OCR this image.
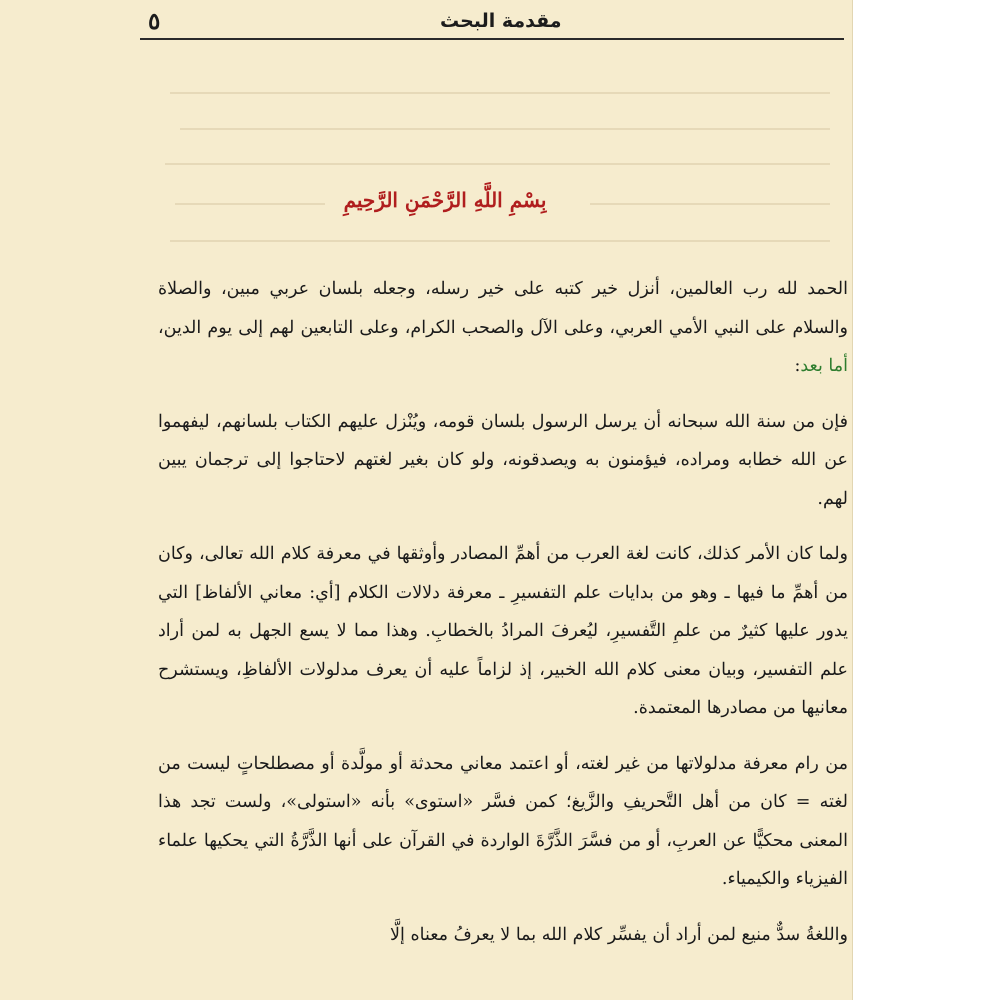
٥	مقدمة البحث
بِسْمِ اللَّهِ الرَّحْمَنِ الرَّحِيمِ

الحمد لله رب العالمين، أنزل خير كتبه على خير رسله، وجعله بلسان عربي مبين، والصلاة والسلام على النبي الأمي العربي، وعلى الآل والصحب الكرام، وعلى التابعين لهم إلى يوم الدين، أما بعد:

فإن من سنة الله سبحانه أن يرسل الرسول بلسان قومه، ويُنْزل عليهم الكتاب بلسانهم، ليفهموا عن الله خطابه ومراده، فيؤمنون به ويصدقونه، ولو كان بغير لغتهم لاحتاجوا إلى ترجمان يبين لهم.

ولما كان الأمر كذلك، كانت لغة العرب من أهمِّ المصادر وأوثقها في معرفة كلام الله تعالى، وكان من أهمِّ ما فيها ـ وهو من بدايات علم التفسيرِ ـ معرفة دلالات الكلام [أي: معاني الألفاظ] التي يدور عليها كثيرٌ من علمِ التَّفسيرِ، ليُعرفَ المرادُ بالخطابِ. وهذا مما لا يسع الجهل به لمن أراد علم التفسير، وبيان معنى كلام الله الخبير، إذ لزاماً عليه أن يعرف مدلولات الألفاظِ، ويستشرح معانيها من مصادرها المعتمدة.

من رام معرفة مدلولاتها من غير لغته، أو اعتمد معاني محدثة أو مولَّدة أو مصطلحاتٍ ليست من لغته = كان من أهل التَّحريفِ والزَّيغ؛ كمن فسَّر «استوى» بأنه «استولى»، ولست تجد هذا المعنى محكيًّا عن العربِ، أو من فسَّرَ الذَّرَّةَ الواردة في القرآن على أنها الذَّرَّةُ التي يحكيها علماء الفيزياء والكيمياء.

واللغةُ سدٌّ منيع لمن أراد أن يفسِّر كلام الله بما لا يعرفُ معناه إلَّا
